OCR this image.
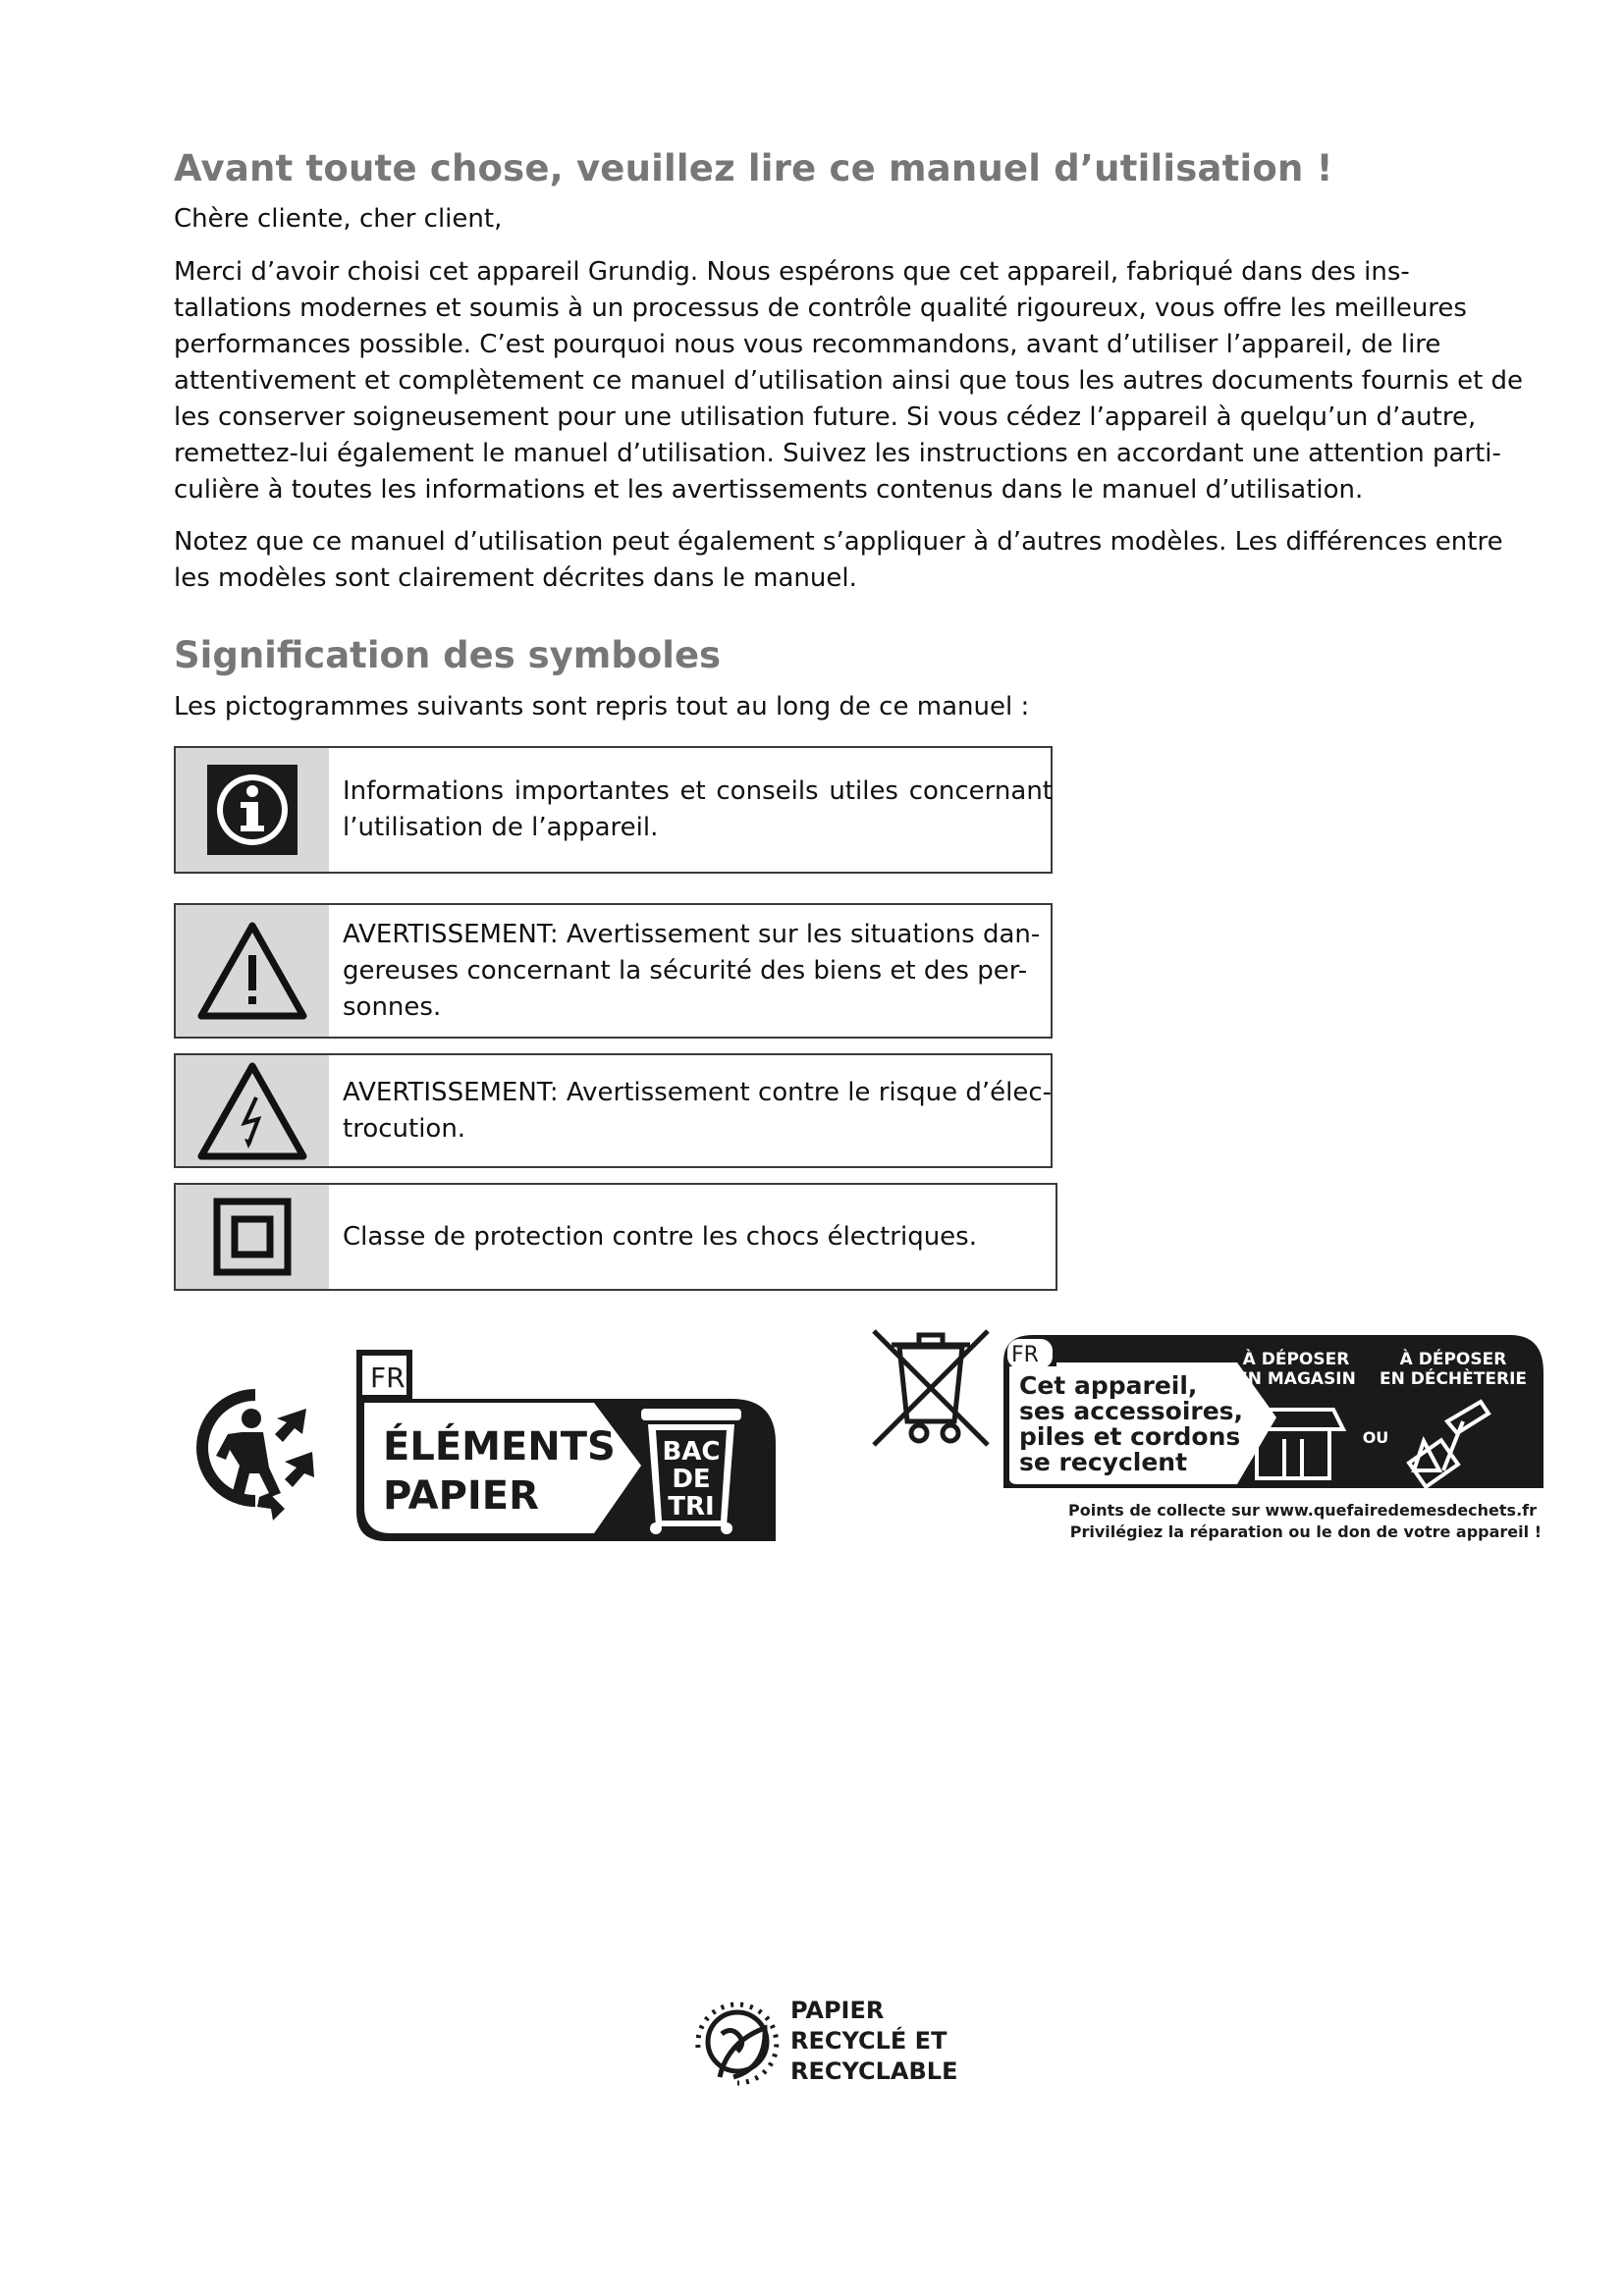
Avant toute chose, veuillez lire ce manuel d’utilisation !
Chère cliente, cher client,
Merci d’avoir choisi cet appareil Grundig. Nous espérons que cet appareil, fabriqué dans des ins-
tallations modernes et soumis à un processus de contrôle qualité rigoureux, vous offre les meilleures
performances possible. C’est pourquoi nous vous recommandons, avant d’utiliser l’appareil, de lire
attentivement et complètement ce manuel d’utilisation ainsi que tous les autres documents fournis et de
les conserver soigneusement pour une utilisation future. Si vous cédez l’appareil à quelqu’un d’autre,
remettez-lui également le manuel d’utilisation. Suivez les instructions en accordant une attention parti-
culière à toutes les informations et les avertissements contenus dans le manuel d’utilisation.
Notez que ce manuel d’utilisation peut également s’appliquer à d’autres modèles. Les différences entre
les modèles sont clairement décrites dans le manuel.
Signification des symboles
Les pictogrammes suivants sont repris tout au long de ce manuel :
Informations importantes et conseils utiles concernant
l’utilisation de l’appareil.
AVERTISSEMENT: Avertissement sur les situations dan-
gereuses concernant la sécurité des biens et des per-
sonnes.
AVERTISSEMENT: Avertissement contre le risque d’élec-
trocution.
Classe de protection contre les chocs électriques.
FR
ÉLÉMENTS
PAPIER
BAC
DE
TRI
FR
Cet appareil,
ses accessoires,
piles et cordons
se recyclent
À DÉPOSER
EN MAGASIN
OU
À DÉPOSER
EN DÉCHÈTERIE
Points de collecte sur www.quefairedemesdechets.fr
Privilégiez la réparation ou le don de votre appareil !
PAPIER
RECYCLÉ ET
RECYCLABLE
